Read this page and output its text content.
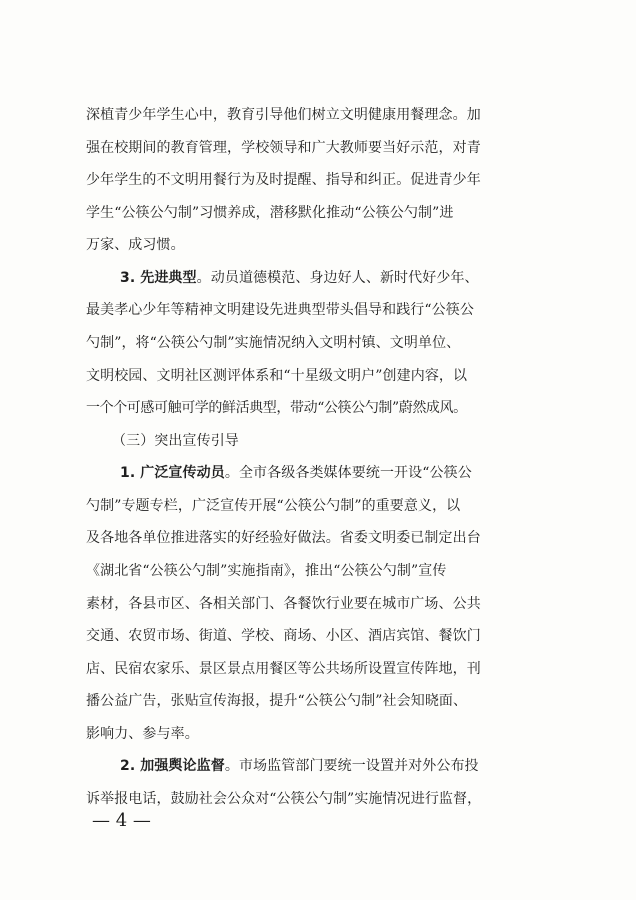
深植青少年学生心中，教育引导他们树立文明健康用餐理念。加
强在校期间的教育管理，学校领导和广大教师要当好示范，对青
少年学生的不文明用餐行为及时提醒、指导和纠正。促进青少年
学生“公筷公勺制”习惯养成，潜移默化推动“公筷公勺制”进
万家、成习惯。
3. 先进典型。动员道德模范、身边好人、新时代好少年、
最美孝心少年等精神文明建设先进典型带头倡导和践行“公筷公
勺制”，将“公筷公勺制”实施情况纳入文明村镇、文明单位、
文明校园、文明社区测评体系和“十星级文明户”创建内容，以
一个个可感可触可学的鲜活典型，带动“公筷公勺制”蔚然成风。
（三）突出宣传引导
1. 广泛宣传动员。全市各级各类媒体要统一开设“公筷公
勺制”专题专栏，广泛宣传开展“公筷公勺制”的重要意义，以
及各地各单位推进落实的好经验好做法。省委文明委已制定出台
《湖北省“公筷公勺制”实施指南》，推出“公筷公勺制”宣传
素材，各县市区、各相关部门、各餐饮行业要在城市广场、公共
交通、农贸市场、街道、学校、商场、小区、酒店宾馆、餐饮门
店、民宿农家乐、景区景点用餐区等公共场所设置宣传阵地，刊
播公益广告，张贴宣传海报，提升“公筷公勺制”社会知晓面、
影响力、参与率。
2. 加强舆论监督。市场监管部门要统一设置并对外公布投
诉举报电话，鼓励社会公众对“公筷公勺制”实施情况进行监督，
— 4 —
